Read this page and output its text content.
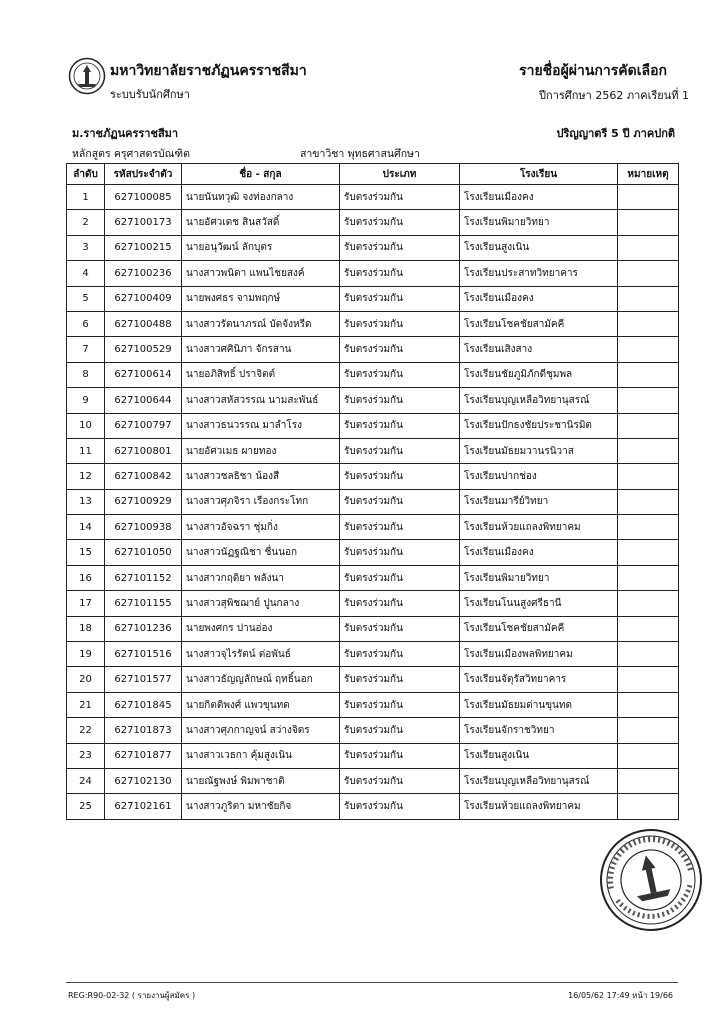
มหาวิทยาลัยราชภัฏนครราชสีมา
ระบบรับนักศึกษา
รายชื่อผู้ผ่านการคัดเลือก
ปีการศึกษา 2562 ภาคเรียนที่ 1
ม.ราชภัฏนครราชสีมา	ปริญญาตรี 5 ปี ภาคปกติ
หลักสูตร ครุศาสตรบัณฑิต	สาขาวิชา พุทธศาสนศึกษา
ลำดับ	รหัสประจำตัว	ชื่อ - สกุล	ประเภท	โรงเรียน	หมายเหตุ
1	627100085	นายนันทวุฒิ จงท่องกลาง	รับตรงร่วมกัน	โรงเรียนเมืองคง	
2	627100173	นายอัศวเดช สินสวัสดิ์	รับตรงร่วมกัน	โรงเรียนพิมายวิทยา	
3	627100215	นายอนุวัฒน์ ลักบุตร	รับตรงร่วมกัน	โรงเรียนสูงเนิน	
4	627100236	นางสาวพนิดา แพนไชยสงค์	รับตรงร่วมกัน	โรงเรียนประสาทวิทยาคาร	
5	627100409	นายพงศธร จามพฤกษ์	รับตรงร่วมกัน	โรงเรียนเมืองคง	
6	627100488	นางสาวรัตนาภรณ์ บัดจังหรีด	รับตรงร่วมกัน	โรงเรียนโชคชัยสามัคคี	
7	627100529	นางสาวศศินิภา จักรสาน	รับตรงร่วมกัน	โรงเรียนเสิงสาง	
8	627100614	นายอภิสิทธิ์ ปราจิตต์	รับตรงร่วมกัน	โรงเรียนชัยภูมิภักดีชุมพล	
9	627100644	นางสาวสหัสวรรณ นามสะพันธ์	รับตรงร่วมกัน	โรงเรียนบุญเหลือวิทยานุสรณ์	
10	627100797	นางสาวธนวรรณ มาลำโรง	รับตรงร่วมกัน	โรงเรียนปักธงชัยประชานิรมิต	
11	627100801	นายอัศวเมธ ผายทอง	รับตรงร่วมกัน	โรงเรียนมัธยมวานรนิวาส	
12	627100842	นางสาวชลธิชา น้องสี	รับตรงร่วมกัน	โรงเรียนปากช่อง	
13	627100929	นางสาวศุภจิรา เรืองกระโทก	รับตรงร่วมกัน	โรงเรียนมารีย์วิทยา	
14	627100938	นางสาวอัจฉรา ชุ่มกิ่ง	รับตรงร่วมกัน	โรงเรียนห้วยแถลงพิทยาคม	
15	627101050	นางสาวนัฏฐณิชา ชื่นนอก	รับตรงร่วมกัน	โรงเรียนเมืองคง	
16	627101152	นางสาวกฤติยา พลังนา	รับตรงร่วมกัน	โรงเรียนพิมายวิทยา	
17	627101155	นางสาวสุพิชฌาย์ ปูนกลาง	รับตรงร่วมกัน	โรงเรียนโนนสูงศรีธานี	
18	627101236	นายพงศกร ปานอ่อง	รับตรงร่วมกัน	โรงเรียนโชคชัยสามัคคี	
19	627101516	นางสาวจุไรรัตน์ ต่อพันธ์	รับตรงร่วมกัน	โรงเรียนเมืองพลพิทยาคม	
20	627101577	นางสาวธัญญลักษณ์ ฤทธิ์นอก	รับตรงร่วมกัน	โรงเรียนจัตุรัสวิทยาคาร	
21	627101845	นายกิตติพงศ์ แพวขุนทด	รับตรงร่วมกัน	โรงเรียนมัธยมด่านขุนทด	
22	627101873	นางสาวศุภกาญจน์ สว่างจิตร	รับตรงร่วมกัน	โรงเรียนจักราชวิทยา	
23	627101877	นางสาวเวธกา คุ้มสูงเนิน	รับตรงร่วมกัน	โรงเรียนสูงเนิน	
24	627102130	นายณัฐพงษ์ พิมพาชาติ	รับตรงร่วมกัน	โรงเรียนบุญเหลือวิทยานุสรณ์	
25	627102161	นางสาวภูริตา มหาชัยกิจ	รับตรงร่วมกัน	โรงเรียนห้วยแถลงพิทยาคม	
REG:R90-02-32 ( รายงานผู้สมัคร )	16/05/62 17:49 หน้า 19/66
